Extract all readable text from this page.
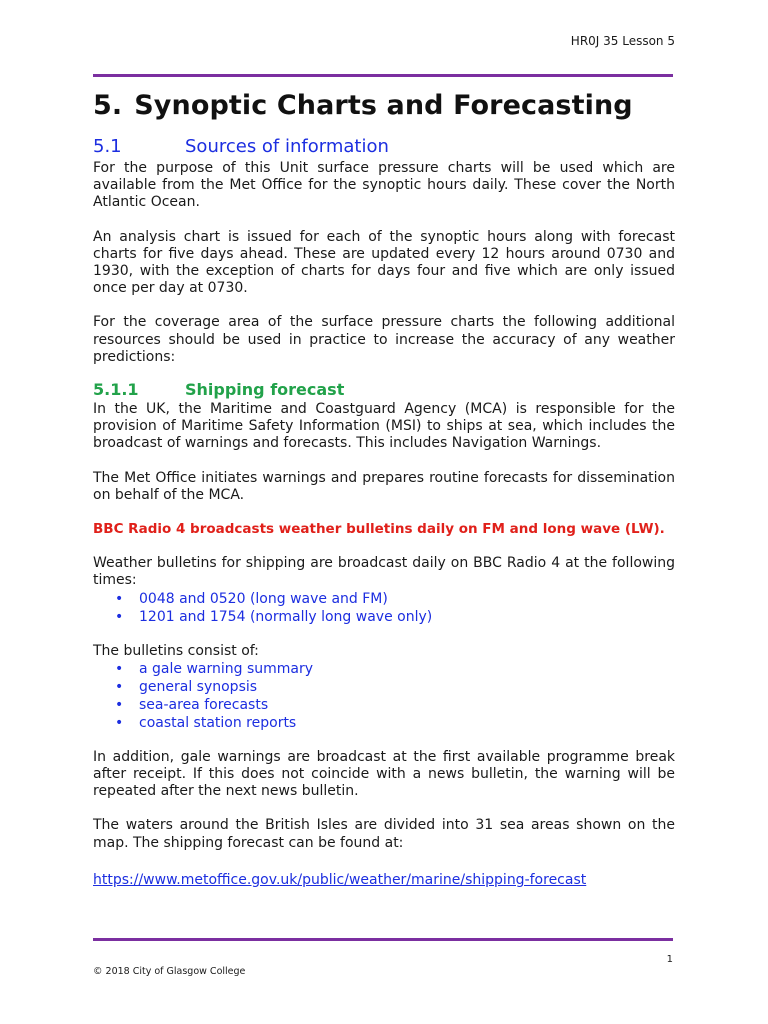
HR0J 35 Lesson 5
5. Synoptic Charts and Forecasting
5.1	Sources of information

For the purpose of this Unit surface pressure charts will be used which are available from the Met Office for the synoptic hours daily. These cover the North Atlantic Ocean.

An analysis chart is issued for each of the synoptic hours along with forecast charts for five days ahead. These are updated every 12 hours around 0730 and 1930, with the exception of charts for days four and five which are only issued once per day at 0730.

For the coverage area of the surface pressure charts the following additional resources should be used in practice to increase the accuracy of any weather predictions:

5.1.1	Shipping forecast

In the UK, the Maritime and Coastguard Agency (MCA) is responsible for the provision of Maritime Safety Information (MSI) to ships at sea, which includes the broadcast of warnings and forecasts. This includes Navigation Warnings.

The Met Office initiates warnings and prepares routine forecasts for dissemination on behalf of the MCA.

BBC Radio 4 broadcasts weather bulletins daily on FM and long wave (LW).

Weather bulletins for shipping are broadcast daily on BBC Radio 4 at the following times:

• 0048 and 0520 (long wave and FM)
• 1201 and 1754 (normally long wave only)

The bulletins consist of:

• a gale warning summary
• general synopsis
• sea-area forecasts
• coastal station reports

In addition, gale warnings are broadcast at the first available programme break after receipt. If this does not coincide with a news bulletin, the warning will be repeated after the next news bulletin.

The waters around the British Isles are divided into 31 sea areas shown on the map. The shipping forecast can be found at:

https://www.metoffice.gov.uk/public/weather/marine/shipping-forecast
1
© 2018 City of Glasgow College
